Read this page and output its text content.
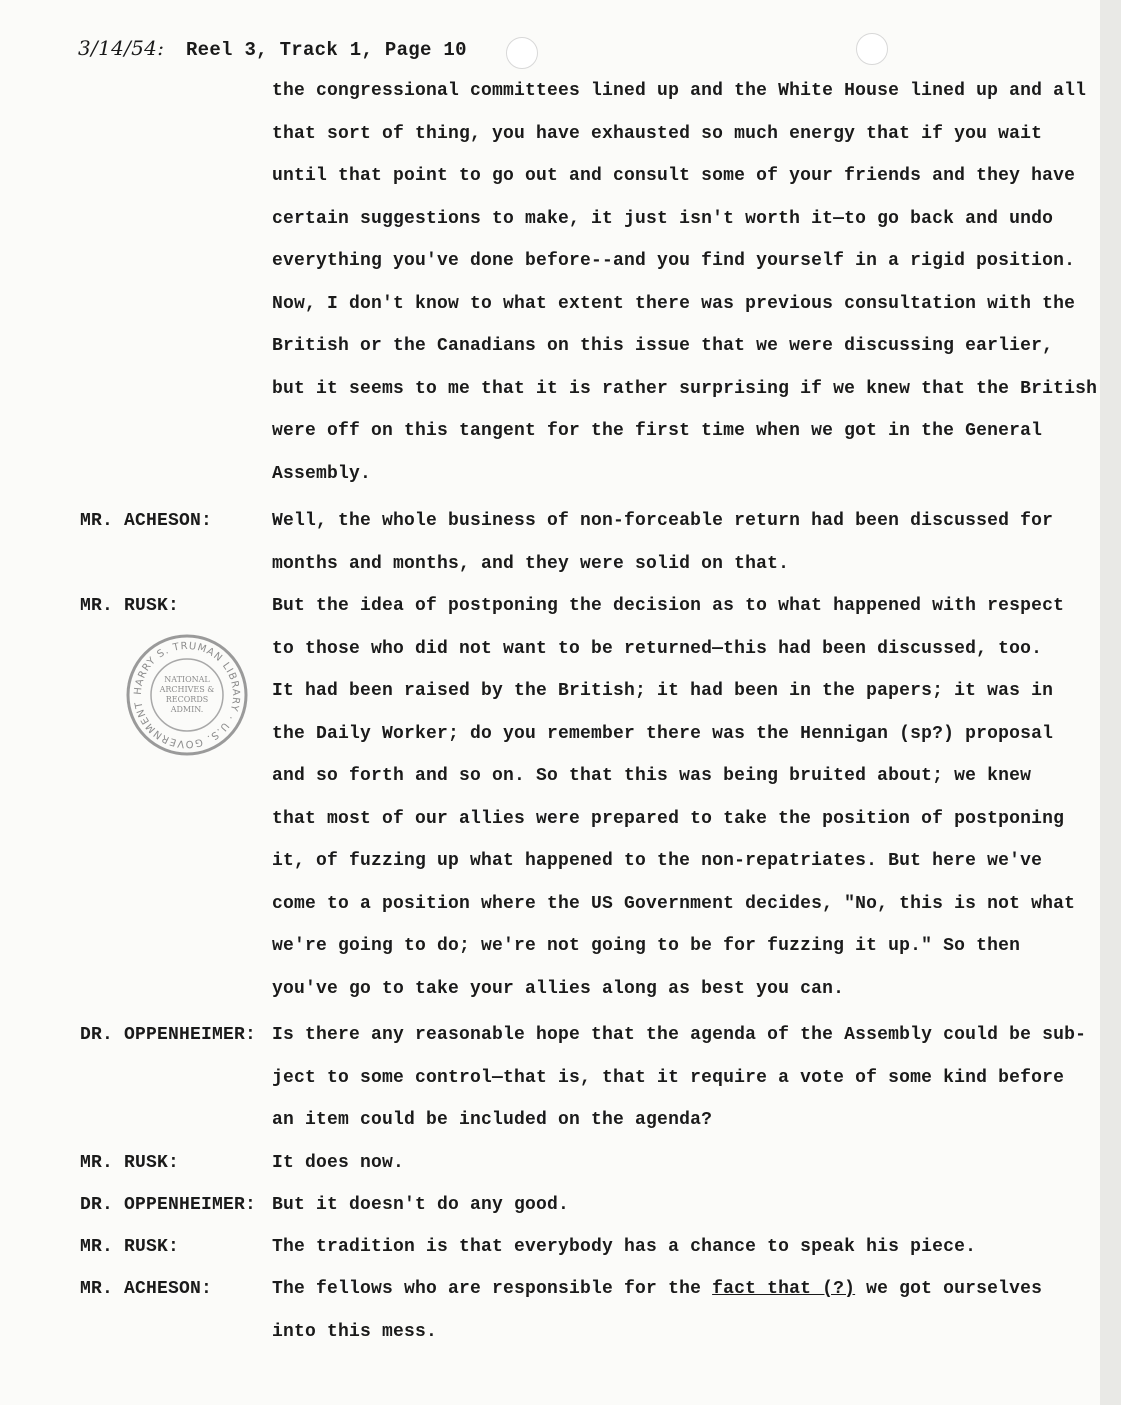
3/14/54: Reel 3, Track 1, Page 10
the congressional committees lined up and the White House lined up and all
that sort of thing, you have exhausted so much energy that if you wait
until that point to go out and consult some of your friends and they have
certain suggestions to make, it just isn't worth it—to go back and undo
everything you've done before--and you find yourself in a rigid position.
Now, I don't know to what extent there was previous consultation with the
British or the Canadians on this issue that we were discussing earlier,
but it seems to me that it is rather surprising if we knew that the British
were off on this tangent for the first time when we got in the General
Assembly.
MR. ACHESON:	Well, the whole business of non-forceable return had been discussed for
months and months, and they were solid on that.
MR. RUSK:	But the idea of postponing the decision as to what happened with respect
to those who did not want to be returned—this had been discussed, too.
It had been raised by the British; it had been in the papers; it was in
the Daily Worker; do you remember there was the Hennigan (sp?) proposal
and so forth and so on. So that this was being bruited about; we knew
that most of our allies were prepared to take the position of postponing
it, of fuzzing up what happened to the non-repatriates. But here we've
come to a position where the US Government decides, "No, this is not what
we're going to do; we're not going to be for fuzzing it up." So then
you've go to take your allies along as best you can.
HARRY S. TRUMAN LIBRARY · U.S. GOVERNMENT
NATIONAL
ARCHIVES &
RECORDS
ADMIN.
DR. OPPENHEIMER: Is there any reasonable hope that the agenda of the Assembly could be sub-
ject to some control—that is, that it require a vote of some kind before
an item could be included on the agenda?
MR. RUSK:	It does now.
DR. OPPENHEIMER: But it doesn't do any good.
MR. RUSK:	The tradition is that everybody has a chance to speak his piece.
MR. ACHESON:	The fellows who are responsible for the fact that (?) we got ourselves
into this mess.
